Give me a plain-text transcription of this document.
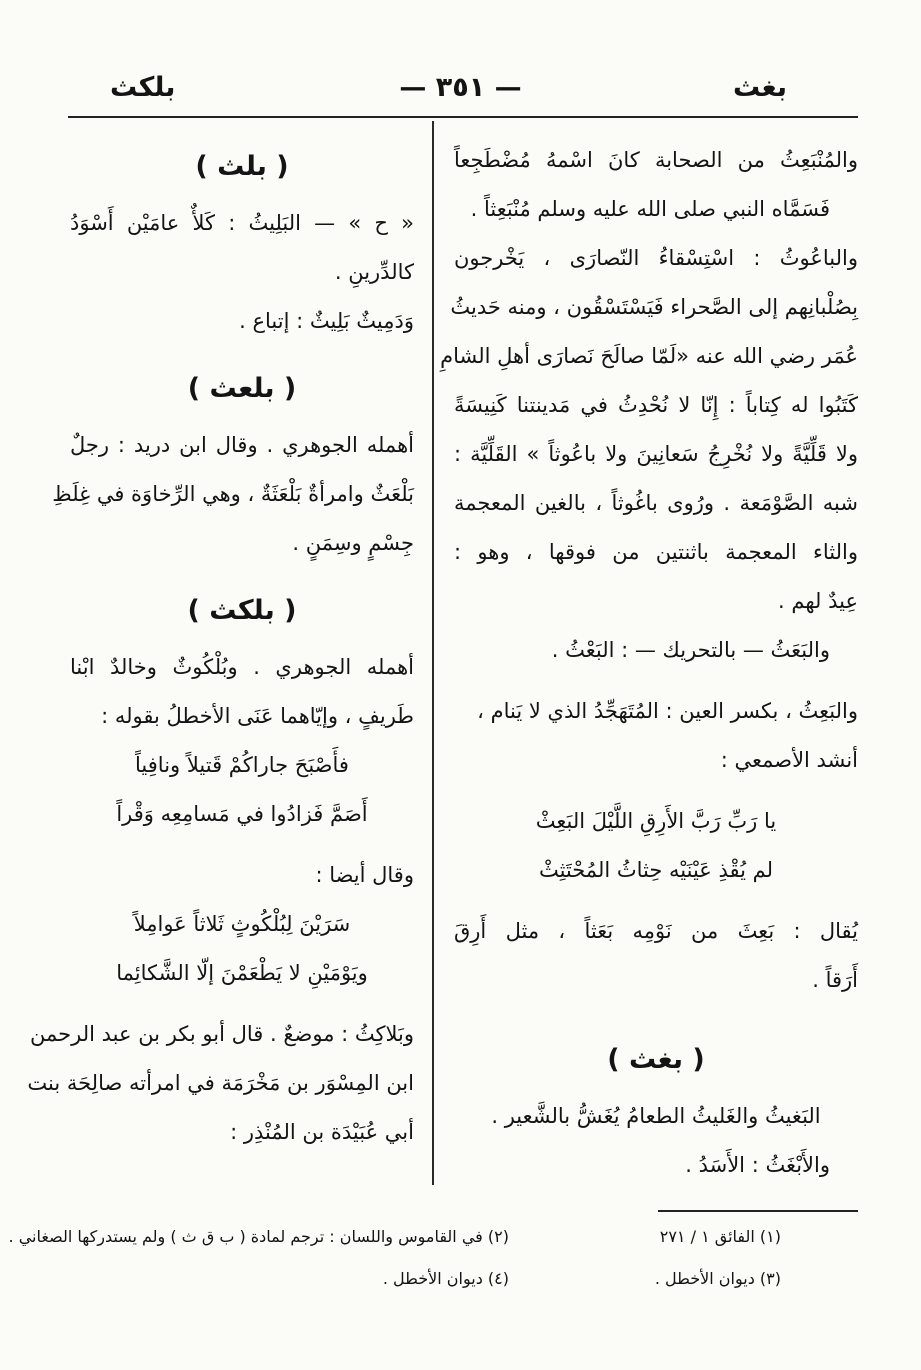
بغث
— ٣٥١ —
بلكث
والمُنْبَعِثُ من الصحابة كانَ اسْمهُ مُضْطَجِعاً
فَسَمَّاه النبي صلى الله عليه وسلم مُنْبَعِثاً .
والباعُوثُ : اسْتِسْقاءُ النّصارَى ، يَخْرجون
بِصُلْبانِهم إلى الصَّحراء فَيَسْتَسْقُون ، ومنه حَديثُ
عُمَر رضي الله عنه «لَمّا صالَحَ نَصارَى أهلِ الشامِ
كَتَبُوا له كِتاباً : إِنّا لا نُحْدِثُ في مَدينتنا كَنِيسَةً
ولا قَلِّيَّةً ولا نُخْرِجُ سَعانِينَ ولا باعُوثاً » القَلِّيَّة :
شبه الصَّوْمَعة . ورُوى باغُوثاً ، بالغين المعجمة
والثاء المعجمة باثنتين من فوقها ، وهو :
عِيدٌ لهم .
والبَعَثُ — بالتحريك — : البَعْثُ .
والبَعِثُ ، بكسر العين : المُتَهَجِّدُ الذي لا يَنام ،
أنشد الأصمعي :
يا رَبِّ رَبَّ الأَرِقِ اللَّيْلَ البَعِثْ
لم يُقْذِ عَيْنَيْه حِثاثُ المُحْتَثِثْ
يُقال : بَعِثَ من نَوْمِه بَعَثاً ، مثل أَرِقَ
أَرَقاً .
( بغث )
البَغيثُ والغَليثُ الطعامُ يُغَشُّ بالشَّعير .
والأَبْغَثُ : الأَسَدُ .
( بلث )
« ح » — البَلِيثُ : كَلأٌ عامَيْن أَسْوَدُ
كالدِّرينِ .
وَدَمِيثٌ بَلِيثٌ : إتباع .
( بلعث )
أهمله الجوهري . وقال ابن دريد : رجلٌ
بَلْعَثٌ وامرأةٌ بَلْعَثَةٌ ، وهي الرِّخاوَة في غِلَظِ
جِسْمٍ وسِمَنٍ .
( بلكث )
أهمله الجوهري . وبُلْكُوثٌ وخالدٌ ابْنا
طَريفٍ ، وإيّاهما عَنَى الأخطلُ بقوله :
فأَصْبَحَ جاراكُمْ قَتيلاً ونافِياً
أَصَمَّ فَزادُوا في مَسامِعِه وَقْراً
وقال أيضا :
سَرَيْنَ لِبُلْكُوثٍ ثَلاثاً عَوامِلاً
ويَوْمَيْنِ لا يَطْعَمْنَ إلّا الشَّكائِما
وبَلاكِثُ : موضعٌ . قال أبو بكر بن عبد الرحمن
ابن المِسْوَر بن مَخْرَمَة في امرأته صالِحَة بنت
أبي عُبَيْدَة بن المُنْذِر :
(١) الفائق ١ / ٢٧١
(٢) في القاموس واللسان : ترجم لمادة ( ب ق ث ) ولم يستدركها الصغاني .
(٣) ديوان الأخطل .
(٤) ديوان الأخطل .
